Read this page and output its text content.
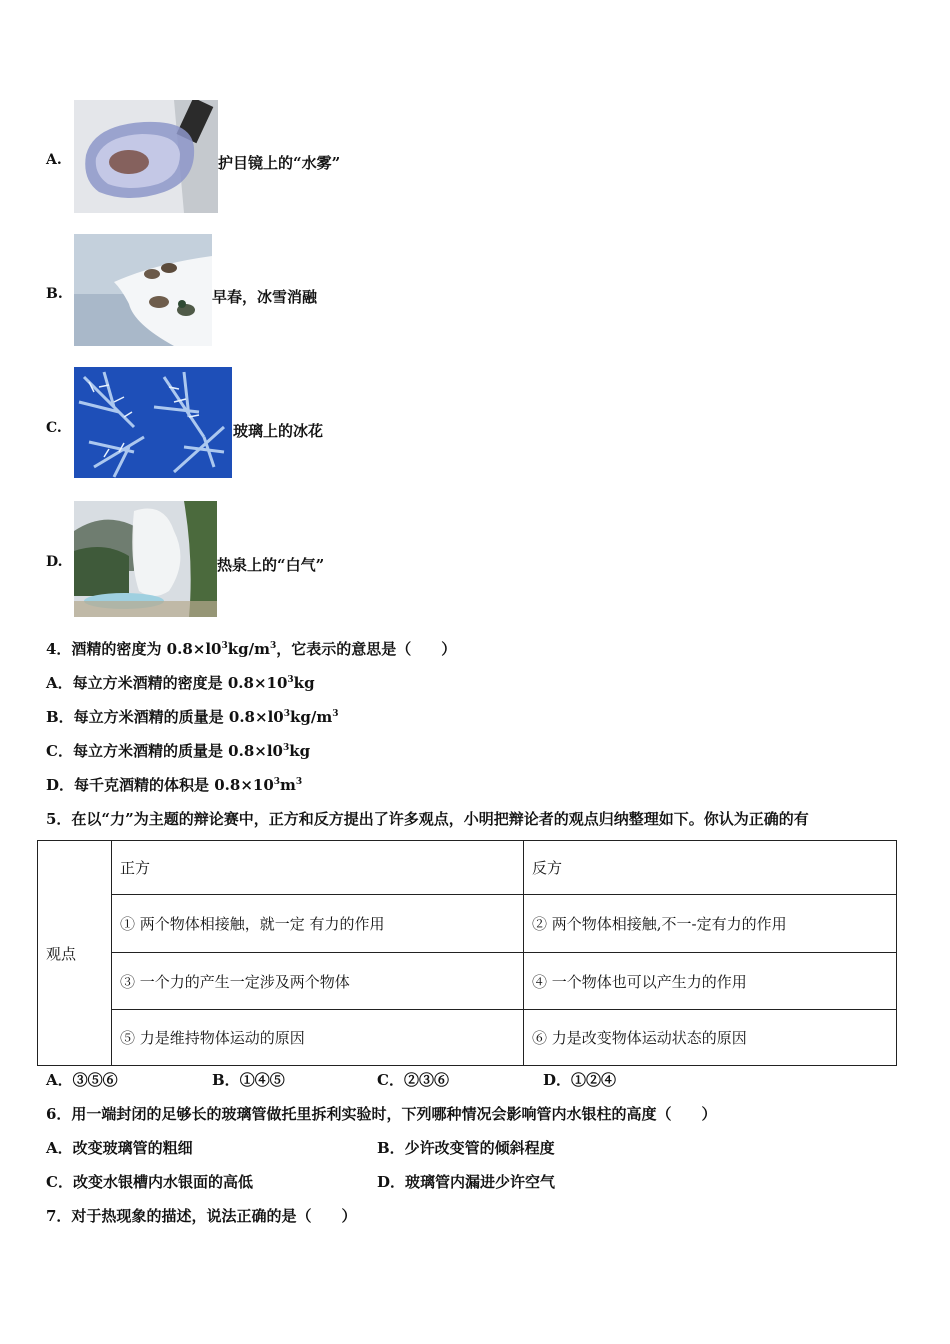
A.	护目镜上的“水雾”
B.	早春，冰雪消融
C.	玻璃上的冰花
D.	热泉上的“白气”
4．酒精的密度为 $0.8\times l0^3kg/m^3$，它表示的意思是（　　）
A．每立方米酒精的密度是 $0.8\times 10^3kg$
B．每立方米酒精的质量是 $0.8\times l0^3kg/m^3$
C．每立方米酒精的质量是 $0.8\times l0^3kg$
D．每千克酒精的体积是 $0.8\times 10^3m^3$
5．在以“力”为主题的辩论赛中，正方和反方提出了许多观点，小明把辩论者的观点归纳整理如下。你认为正确的有
观点	正方	反方
	① 两个物体相接触，就一定 有力的作用	② 两个物体相接触,不一-定有力的作用
	③ 一个力的产生一定涉及两个物体	④ 一个物体也可以产生力的作用
	⑤ 力是维持物体运动的原因	⑥ 力是改变物体运动状态的原因
A．③⑤⑥	B．①④⑤	C．②③⑥	D．①②④
6．用一端封闭的足够长的玻璃管做托里拆利实验时，下列哪种情况会影响管内水银柱的高度（　　）
A．改变玻璃管的粗细	B．少许改变管的倾斜程度
C．改变水银槽内水银面的高低	D．玻璃管内漏进少许空气
7．对于热现象的描述，说法正确的是（　　）
